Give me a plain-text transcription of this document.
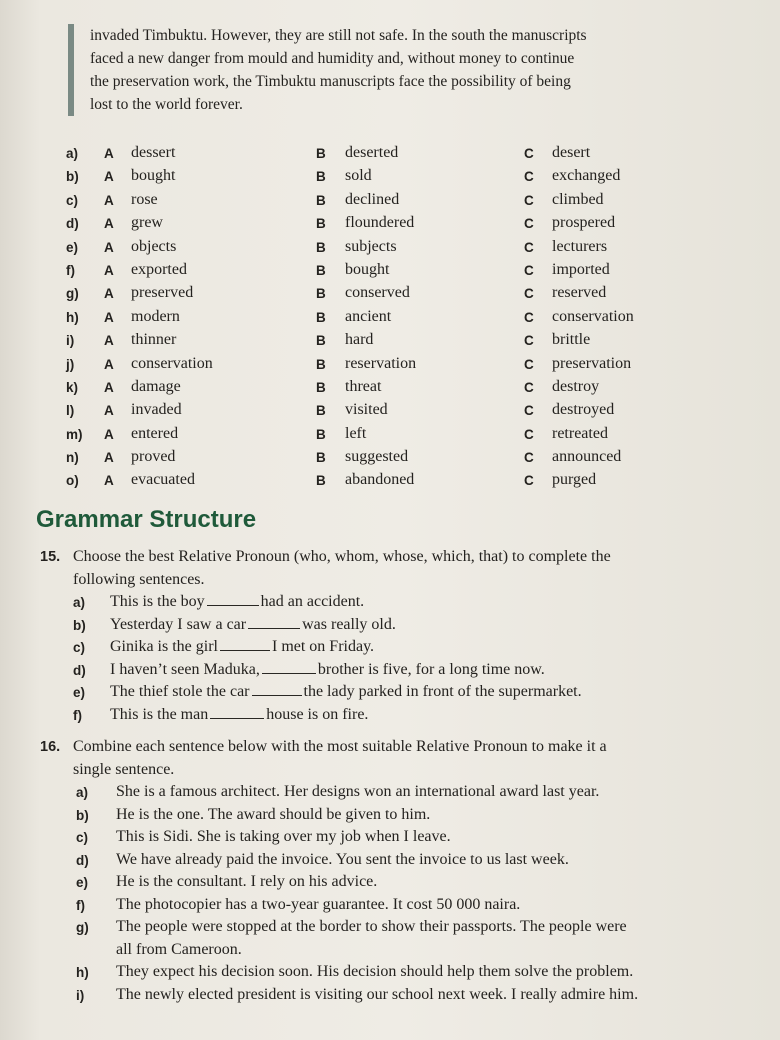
invaded Timbuktu. However, they are still not safe. In the south the manuscripts

faced a new danger from mould and humidity and, without money to continue

the preservation work, the Timbuktu manuscripts face the possibility of being

lost to the world forever.

a) A dessert	B deserted	C desert
b) A bought	B sold	C exchanged
c) A rose	B declined	C climbed
d) A grew	B floundered	C prospered
e) A objects	B subjects	C lecturers
f) A exported	B bought	C imported
g) A preserved	B conserved	C reserved
h) A modern	B ancient	C conservation
i) A thinner	B hard	C brittle
j) A conservation	B reservation	C preservation
k) A damage	B threat	C destroy
l) A invaded	B visited	C destroyed
m) A entered	B left	C retreated
n) A proved	B suggested	C announced
o) A evacuated	B abandoned	C purged
Grammar Structure
15. Choose the best Relative Pronoun (who, whom, whose, which, that) to complete the
following sentences.
a) This is the boy	had an accident.
b) Yesterday I saw a car	was really old.
c) Ginika is the girl	I met on Friday.
d) I haven’t seen Maduka,	brother is five, for a long time now.
e) The thief stole the car	the lady parked in front of the supermarket.
f) This is the man	house is on fire.
16. Combine each sentence below with the most suitable Relative Pronoun to make it a
single sentence.
a) She is a famous architect. Her designs won an international award last year.
b) He is the one. The award should be given to him.
c) This is Sidi. She is taking over my job when I leave.
d) We have already paid the invoice. You sent the invoice to us last week.
e) He is the consultant. I rely on his advice.
f) The photocopier has a two-year guarantee. It cost 50 000 naira.
g) The people were stopped at the border to show their passports. The people were
all from Cameroon.
h) They expect his decision soon. His decision should help them solve the problem.
i) The newly elected president is visiting our school next week. I really admire him.
